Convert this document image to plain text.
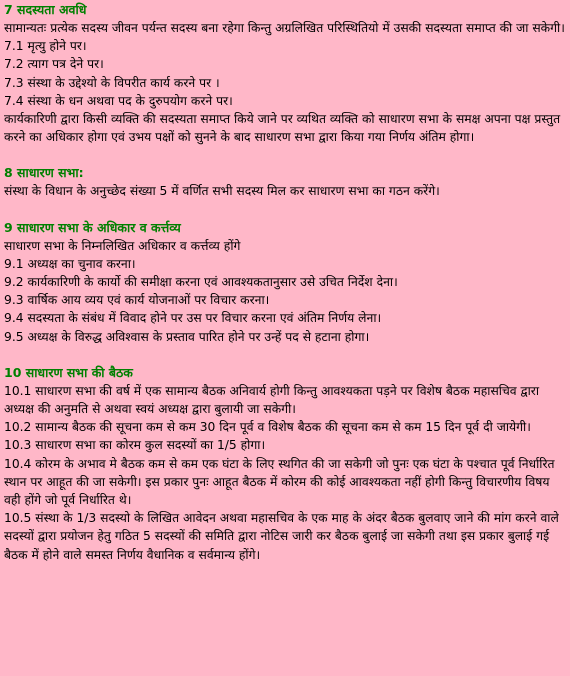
7 सदस्यता अवधि

सामान्यतः प्रत्येक सदस्य जीवन पर्यन्त सदस्य बना रहेगा किन्तु अग्रलिखित परिस्थितियो में उसकी सदस्यता समाप्त की जा सकेगी।

7.1 मृत्यु होने पर।

7.2 त्याग पत्र देने पर।

7.3 संस्था के उद्देश्यो के विपरीत कार्य करने पर ।

7.4 संस्था के धन अथवा पद के दुरुपयोग करने पर।

कार्यकारिणी द्वारा किसी व्यक्ति की सदस्यता समाप्त किये जाने पर व्यथित व्यक्ति को साधारण सभा के समक्ष अपना पक्ष प्रस्तुत करने का अधिकार होगा एवं उभय पक्षों को सुनने के बाद साधारण सभा द्वारा किया गया निर्णय अंतिम होगा।

8 साधारण सभा:

संस्था के विधान के अनुच्छेद संख्या 5 में वर्णित सभी सदस्य मिल कर साधारण सभा का गठन करेंगे।

9 साधारण सभा के अधिकार व कर्त्तव्य

साधारण सभा के निम्नलिखित अधिकार व कर्त्तव्य होंगे

9.1 अध्यक्ष का चुनाव करना।

9.2 कार्यकारिणी के कार्यो की समीक्षा करना एवं आवश्यकतानुसार उसे उचित निर्देश देना।

9.3 वार्षिक आय व्यय एवं कार्य योजनाओं पर विचार करना।

9.4 सदस्यता के संबंध में विवाद होने पर उस पर विचार करना एवं अंतिम निर्णय लेना।

9.5 अध्यक्ष के विरुद्ध अविश्वास के प्रस्ताव पारित होने पर उन्हें पद से हटाना होगा।

10 साधारण सभा की बैठक

10.1 साधारण सभा की वर्ष में एक सामान्य बैठक अनिवार्य होगी किन्तु आवश्यकता पड़ने पर विशेष बैठक महासचिव द्वारा अध्यक्ष की अनुमति से अथवा स्वयं अध्यक्ष द्वारा बुलायी जा सकेगी।

10.2 सामान्य बैठक की सूचना कम से कम 30 दिन पूर्व व विशेष बैठक की सूचना कम से कम 15 दिन पूर्व दी जायेगी।

10.3 साधारण सभा का कोरम कुल सदस्यों का 1/5 होगा।

10.4 कोरम के अभाव मे बैठक कम से कम एक घंटा के लिए स्थगित की जा सकेगी जो पुनः एक घंटा के पश्चात पूर्व निर्धारित स्थान पर आहूत की जा सकेगी। इस प्रकार पुनः आहूत बैठक में कोरम की कोई आवश्यकता नहीं होगी किन्तु विचारणीय विषय वही होंगे जो पूर्व निर्धारित थे।

10.5 संस्था के 1/3 सदस्यो के लिखित आवेदन अथवा महासचिव के एक माह के अंदर बैठक बुलवाए जाने की मांग करने वाले सदस्यों द्वारा प्रयोजन हेतु गठित 5 सदस्यों की समिति द्वारा नोटिस जारी कर बैठक बुलाई जा सकेगी तथा इस प्रकार बुलाई गई बैठक में होने वाले समस्त निर्णय वैधानिक व सर्वमान्य होंगे।
